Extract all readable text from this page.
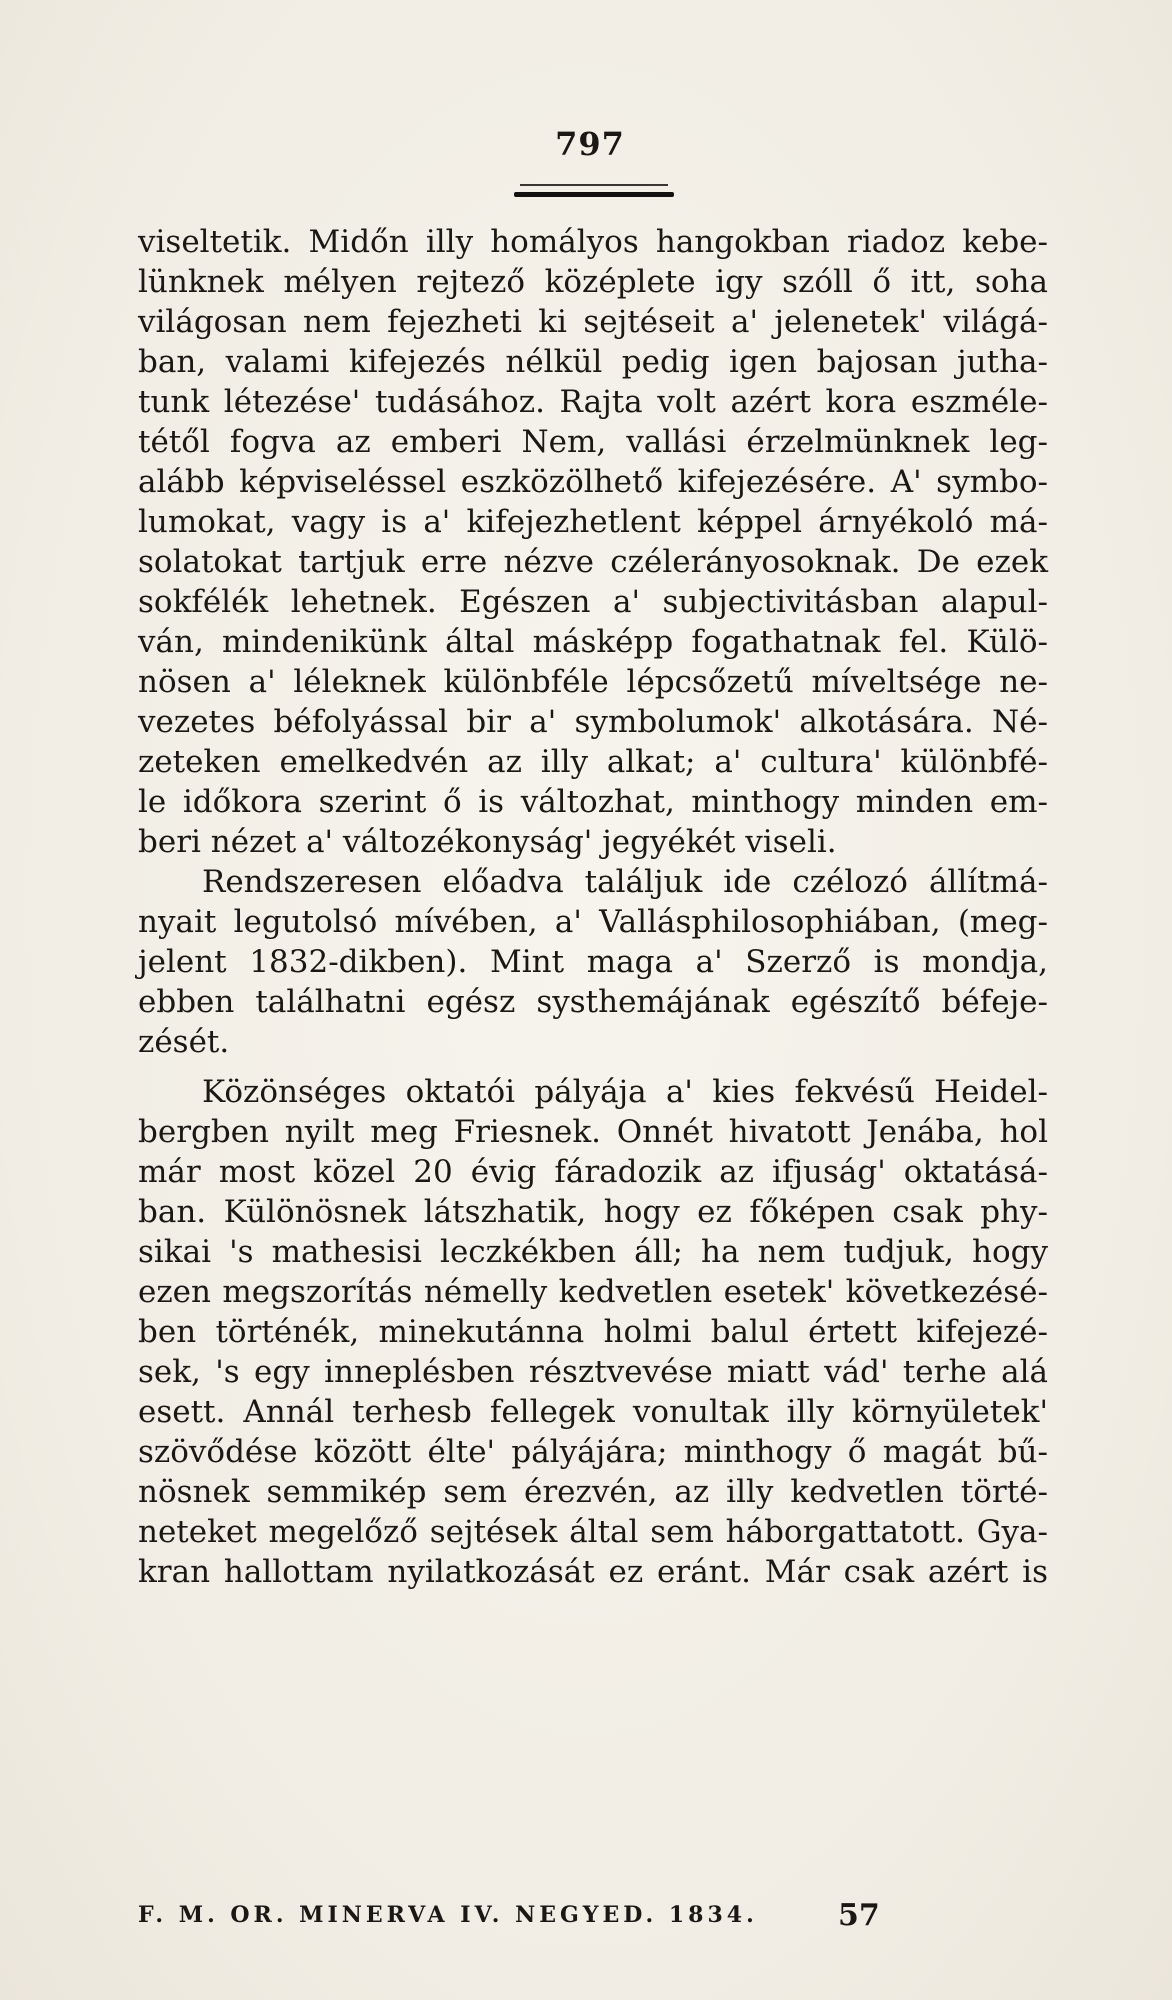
797
viseltetik. Midőn illy homályos hangokban riadoz kebe-
lünknek mélyen rejtező középlete igy szóll ő itt, soha
világosan nem fejezheti ki sejtéseit a' jelenetek' világá-
ban, valami kifejezés nélkül pedig igen bajosan jutha-
tunk létezése' tudásához. Rajta volt azért kora eszméle-
tétől fogva az emberi Nem, vallási érzelmünknek leg-
alább képviseléssel eszközölhető kifejezésére. A' symbo-
lumokat, vagy is a' kifejezhetlent képpel árnyékoló má-
solatokat tartjuk erre nézve czélerányosoknak. De ezek
sokfélék lehetnek. Egészen a' subjectivitásban alapul-
ván, mindenikünk által másképp fogathatnak fel. Külö-
nösen a' léleknek különbféle lépcsőzetű míveltsége ne-
vezetes béfolyással bir a' symbolumok' alkotására. Né-
zeteken emelkedvén az illy alkat; a' cultura' különbfé-
le időkora szerint ő is változhat, minthogy minden em-
beri nézet a' változékonyság' jegyékét viseli.
Rendszeresen előadva találjuk ide czélozó állítmá-
nyait legutolsó mívében, a' Vallásphilosophiában, (meg-
jelent 1832-dikben). Mint maga a' Szerző is mondja,
ebben találhatni egész systhemájának egészítő béfeje-
zését.
Közönséges oktatói pályája a' kies fekvésű Heidel-
bergben nyilt meg Friesnek. Onnét hivatott Jenába, hol
már most közel 20 évig fáradozik az ifjuság' oktatásá-
ban. Különösnek látszhatik, hogy ez főképen csak phy-
sikai 's mathesisi leczkékben áll; ha nem tudjuk, hogy
ezen megszorítás némelly kedvetlen esetek' következésé-
ben történék, minekutánna holmi balul értett kifejezé-
sek, 's egy inneplésben résztvevése miatt vád' terhe alá
esett. Annál terhesb fellegek vonultak illy környületek'
szövődése között élte' pályájára; minthogy ő magát bű-
nösnek semmikép sem érezvén, az illy kedvetlen törté-
neteket megelőző sejtések által sem háborgattatott. Gya-
kran hallottam nyilatkozását ez eránt. Már csak azért is
F. M. OR. MINERVA IV. NEGYED. 1834.	57
